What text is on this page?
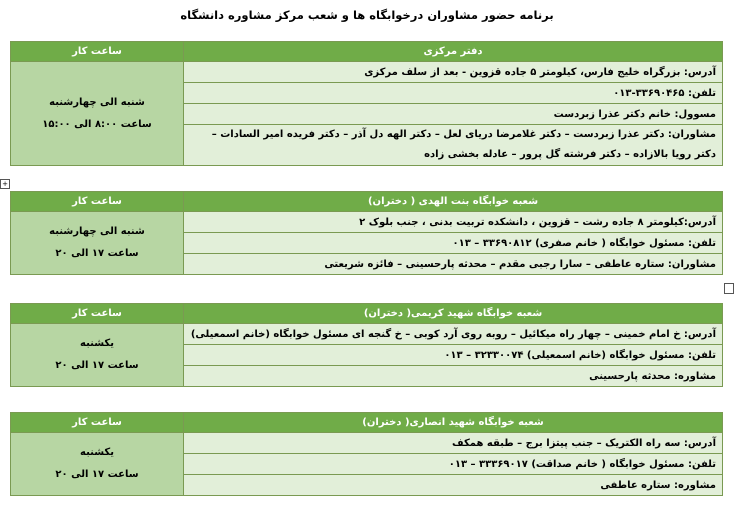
برنامه حضور مشاوران درخوابگاه ها و شعب مرکز مشاوره دانشگاه
دفتر مرکزی	ساعت کار
آدرس: بزرگراه خلیج فارس، کیلومتر ۵ جاده قزوین - بعد از سلف مرکزی	شنبه الی چهارشنبه
ساعت ۸:۰۰ الی ۱۵:۰۰

تلفن: ۳۳۶۹۰۴۶۵-۰۱۳	
مسوول: خانم دکتر عذرا زبردست	
مشاوران: دکتر عذرا زبردست – دکتر غلامرضا دریای لعل – دکتر الهه دل آذر – دکتر فریده امیر السادات – دکتر رویا بالازاده – دکتر فرشته گل پرور – عادله بخشی زاده	
+
شعبه خوابگاه بنت الهدی ( دختران)	ساعت کار
آدرس:کیلومتر ۸ جاده رشت – قزوین ، دانشکده تربیت بدنی ، جنب بلوک ۲	شنبه الی چهارشنبه
ساعت ۱۷ الی ۲۰

تلفن: مسئول خوابگاه ( خانم صفری) ۳۳۶۹۰۸۱۲ – ۰۱۳	
مشاوران: ستاره عاطفی – سارا رجبی مقدم – محدثه پارحسینی – فائزه شریعتی	
شعبه خوابگاه شهید کریمی( دختران)	ساعت کار
آدرس: خ امام خمینی – چهار راه میکائیل – روبه روی آرد کوبی – خ گنجه ای مسئول خوابگاه (خانم اسمعیلی)	یکشنبه
ساعت ۱۷ الی ۲۰

تلفن: مسئول خوابگاه (خانم اسمعیلی) ۳۲۳۳۰۰۷۴ – ۰۱۳	
مشاوره: محدثه پارحسینی	
شعبه خوابگاه شهید انصاری( دختران)	ساعت کار
آدرس: سه راه الکتریک – جنب پیتزا برج – طبقه همکف	یکشنبه
ساعت ۱۷ الی ۲۰

تلفن: مسئول خوابگاه ( خانم صداقت) ۳۳۳۶۹۰۱۷ – ۰۱۳	
مشاوره: ستاره عاطفی	
